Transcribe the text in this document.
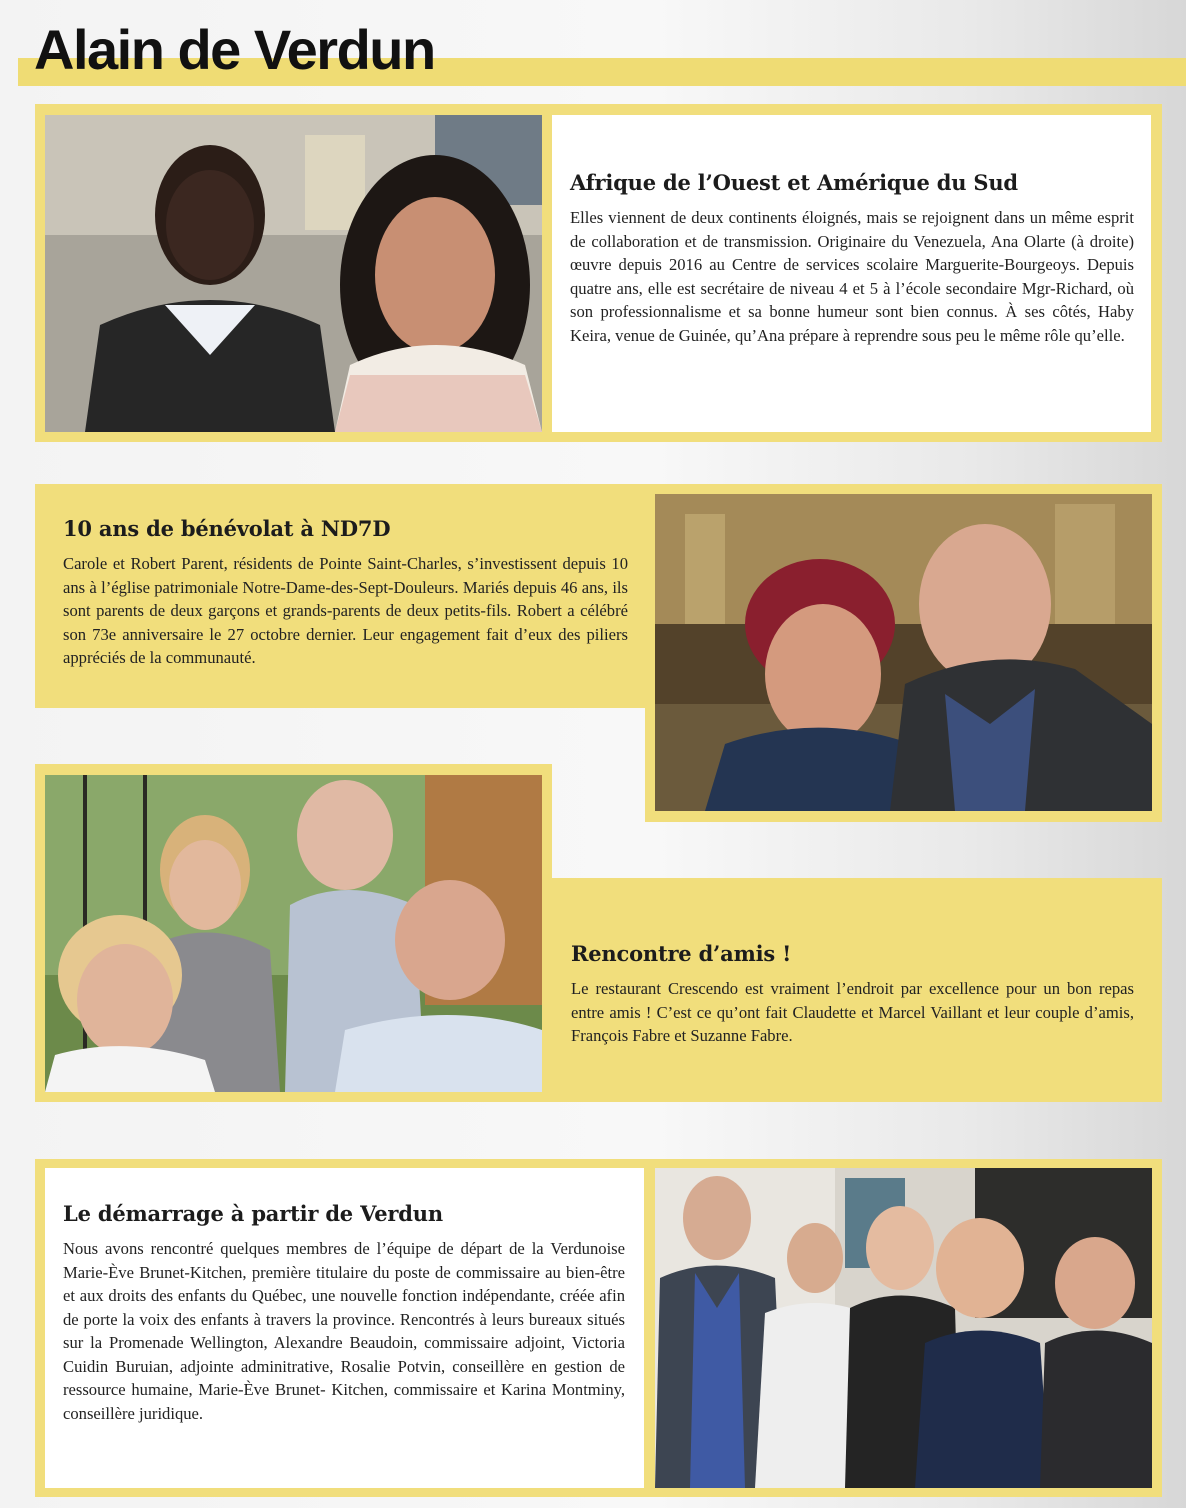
Alain de Verdun
Afrique de l’Ouest et Amérique du Sud

Elles viennent de deux continents éloignés, mais se rejoignent dans un même esprit de collaboration et de transmission. Originaire du Venezuela, Ana Olarte (à droite) œuvre depuis 2016 au Centre de services scolaire Marguerite-Bourgeoys. Depuis quatre ans, elle est secrétaire de niveau 4 et 5 à l’école secondaire Mgr-Richard, où son professionnalisme et sa bonne humeur sont bien connus. À ses côtés, Haby Keira, venue de Guinée, qu’Ana prépare à reprendre sous peu le même rôle qu’elle.

10 ans de bénévolat à ND7D

Carole et Robert Parent, résidents de Pointe Saint-Charles, s’investissent depuis 10 ans à l’église patrimoniale Notre-Dame-des-Sept-Douleurs. Mariés depuis 46 ans, ils sont parents de deux garçons et grands-parents de deux petits-fils. Robert a célébré son 73e anniversaire le 27 octobre dernier. Leur engagement fait d’eux des piliers appréciés de la communauté.

Rencontre d’amis !

Le restaurant Crescendo est vraiment l’endroit par excellence pour un bon repas entre amis ! C’est ce qu’ont fait Claudette et Marcel Vaillant et leur couple d’amis, François Fabre et Suzanne Fabre.

Le démarrage à partir de Verdun

Nous avons rencontré quelques membres de l’équipe de départ de la Verdunoise Marie-Ève Brunet-Kitchen, première titulaire du poste de commissaire au bien-être et aux droits des enfants du Québec, une nouvelle fonction indépendante, créée afin de porte la voix des enfants à travers la province. Rencontrés à leurs bureaux situés sur la Promenade Wellington, Alexandre Beaudoin, commissaire adjoint, Victoria Cuidin Buruian, adjointe adminitrative, Rosalie Potvin, conseillère en gestion de ressource humaine, Marie-Ève Brunet- Kitchen, commissaire et Karina Montminy, conseillère juridique.
